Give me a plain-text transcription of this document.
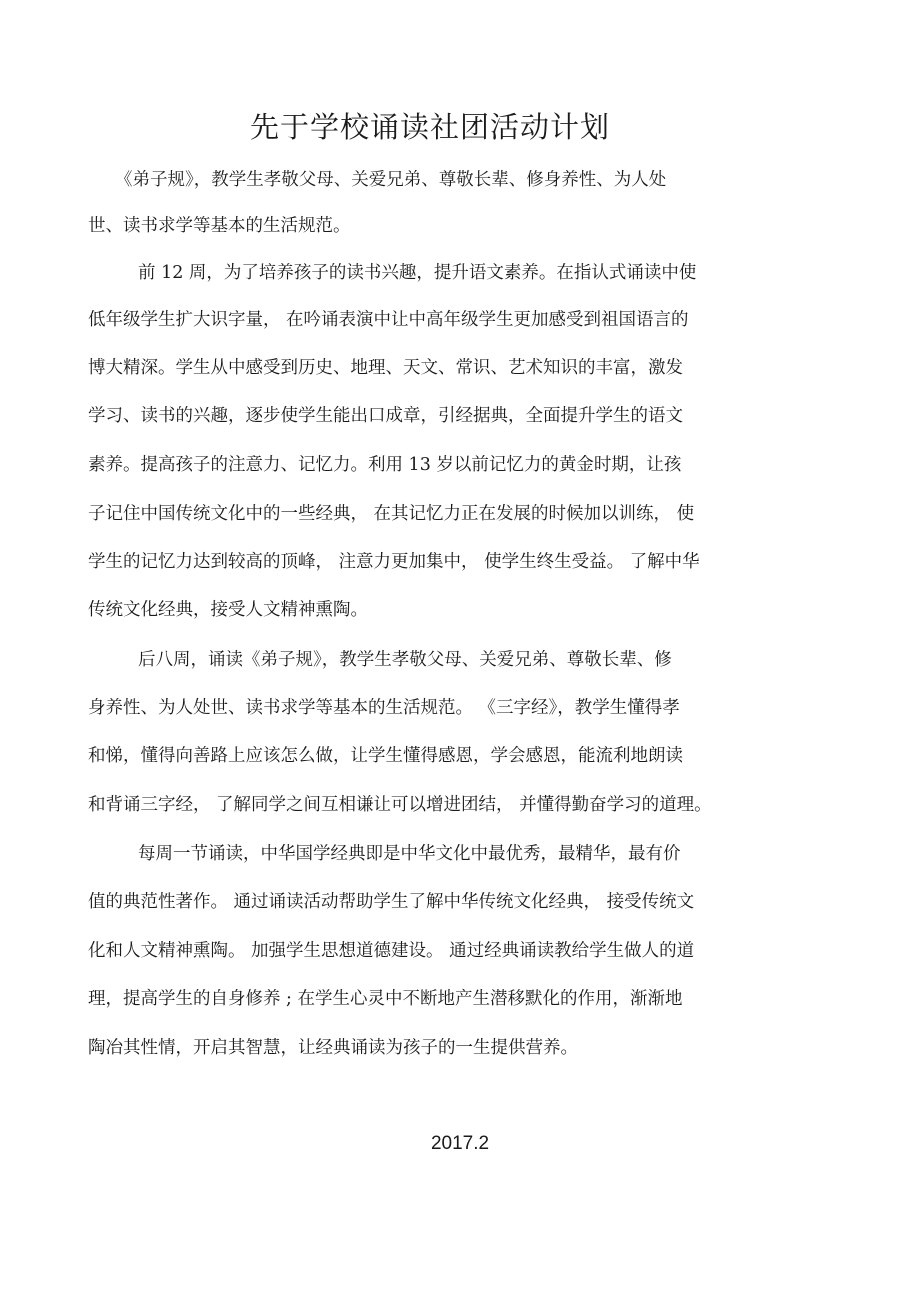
先于学校诵读社团活动计划
《弟子规》，教学生孝敬父母、关爱兄弟、尊敬长辈、修身养性、为人处
世、读书求学等基本的生活规范。
前 12 周，为了培养孩子的读书兴趣，提升语文素养。在指认式诵读中使
低年级学生扩大识字量， 在吟诵表演中让中高年级学生更加感受到祖国语言的
博大精深。学生从中感受到历史、地理、天文、常识、艺术知识的丰富，激发
学习、读书的兴趣，逐步使学生能出口成章，引经据典，全面提升学生的语文
素养。提高孩子的注意力、记忆力。利用 13 岁以前记忆力的黄金时期，让孩
子记住中国传统文化中的一些经典， 在其记忆力正在发展的时候加以训练， 使
学生的记忆力达到较高的顶峰， 注意力更加集中， 使学生终生受益。 了解中华
传统文化经典，接受人文精神熏陶。
后八周，诵读《弟子规》，教学生孝敬父母、关爱兄弟、尊敬长辈、修
身养性、为人处世、读书求学等基本的生活规范。 《三字经》，教学生懂得孝
和悌，懂得向善路上应该怎么做，让学生懂得感恩，学会感恩，能流利地朗读
和背诵三字经， 了解同学之间互相谦让可以增进团结， 并懂得勤奋学习的道理。
每周一节诵读，中华国学经典即是中华文化中最优秀，最精华，最有价
值的典范性著作。 通过诵读活动帮助学生了解中华传统文化经典， 接受传统文
化和人文精神熏陶。 加强学生思想道德建设。 通过经典诵读教给学生做人的道
理，提高学生的自身修养 ; 在学生心灵中不断地产生潜移默化的作用，渐渐地
陶冶其性情，开启其智慧，让经典诵读为孩子的一生提供营养。
2017.2
